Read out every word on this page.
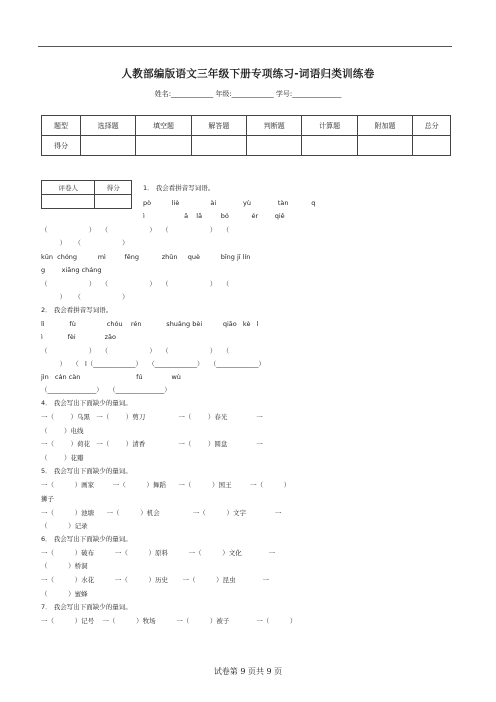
人教部编版语文三年级下册专项练习-词语归类训练卷
姓名:____________ 年级:____________ 学号:______________
题型	选择题	填空题	解答题	判断题	计算题	附加题	总分
得分							
评卷人	得分
		1． 我会看拼音写词语。
pò          liè               ài             yù             tàn           q
ì                   ā    lā         bó           ér        qiě
（                    ）   （                    ）   （                    ）   （
）    （                    ）
kūn  chóng          mì         fēng           zhǔn     què          bīng jī lín
g        xiāng cháng
（                    ）   （                    ）   （                    ）   （
）    （                    ）
2． 我会看拼音写词语。
lì            fù               chóu    rén            shuāng bèi          qiāo   kè   l
ì            fèi              zāo
（                    ）   （                    ）   （                    ）   （
）   （   l（_____________）   （_____________）   （_____________）
jìn   cán càn                           fú              wù
（_______________）   （_______________）
4． 我会写出下面缺少的量词。
一（        ）乌黑   一（        ）剪刀                一（        ）春光              一
（        ）电线
一（        ）荷花   一（        ）清香                一（        ）圆盘              一
（        ）花瓣
5． 我会写出下面缺少的量词。
一（          ）画家         一（          ）舞蹈      一（          ）国王         一（          ）
狮子
一（          ）池塘      一（          ）机会                一（          ）文字              一
（          ）记录
6． 我会写出下面缺少的量词。
一（          ）破布          一（          ）原料          一（          ）文化             一
（          ）桥洞
一（          ）水花          一（          ）历史       一（          ）昆虫             一
（          ）蜜蜂
7． 我会写出下面缺少的量词。
一（          ）记号    一（          ）牧场          一（          ）被子             一（          ）
试卷第 9 页共 9 页
